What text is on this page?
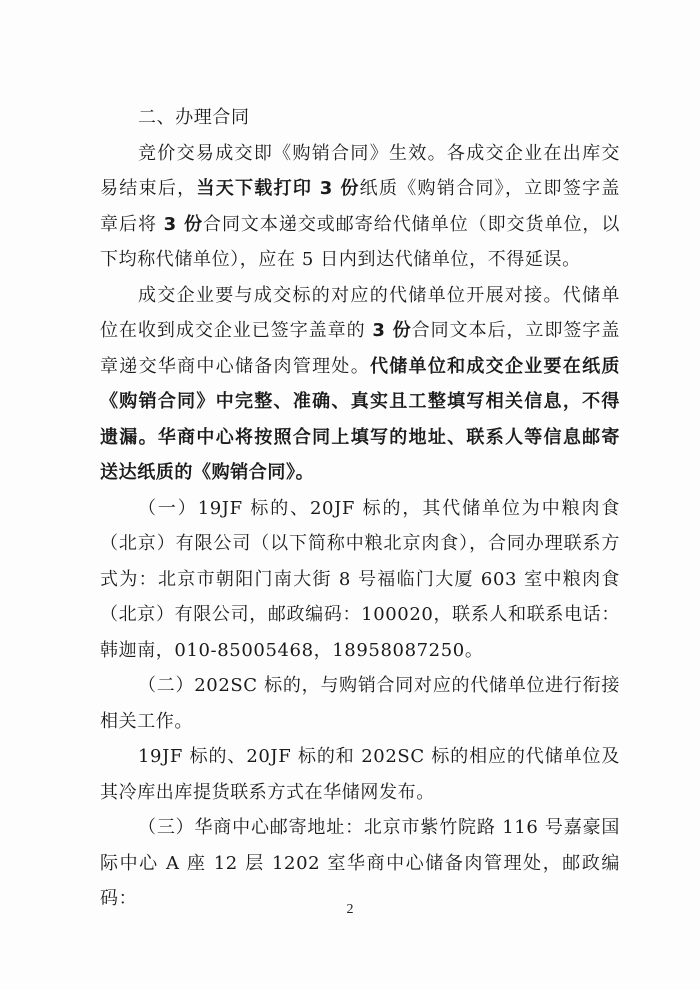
二、办理合同

竞价交易成交即《购销合同》生效。各成交企业在出库交易结束后，当天下载打印 3 份纸质《购销合同》，立即签字盖章后将 3 份合同文本递交或邮寄给代储单位（即交货单位，以下均称代储单位），应在 5 日内到达代储单位，不得延误。

成交企业要与成交标的对应的代储单位开展对接。代储单位在收到成交企业已签字盖章的 3 份合同文本后，立即签字盖章递交华商中心储备肉管理处。代储单位和成交企业要在纸质《购销合同》中完整、准确、真实且工整填写相关信息，不得遗漏。华商中心将按照合同上填写的地址、联系人等信息邮寄送达纸质的《购销合同》。

（一）19JF 标的、20JF 标的，其代储单位为中粮肉食（北京）有限公司（以下简称中粮北京肉食），合同办理联系方式为：北京市朝阳门南大街 8 号福临门大厦 603 室中粮肉食（北京）有限公司，邮政编码：100020，联系人和联系电话：韩迦南，010-85005468，18958087250。

（二）202SC 标的，与购销合同对应的代储单位进行衔接相关工作。

19JF 标的、20JF 标的和 202SC 标的相应的代储单位及其冷库出库提货联系方式在华储网发布。

（三）华商中心邮寄地址：北京市紫竹院路 116 号嘉豪国际中心 A 座 12 层 1202 室华商中心储备肉管理处，邮政编码：

2
